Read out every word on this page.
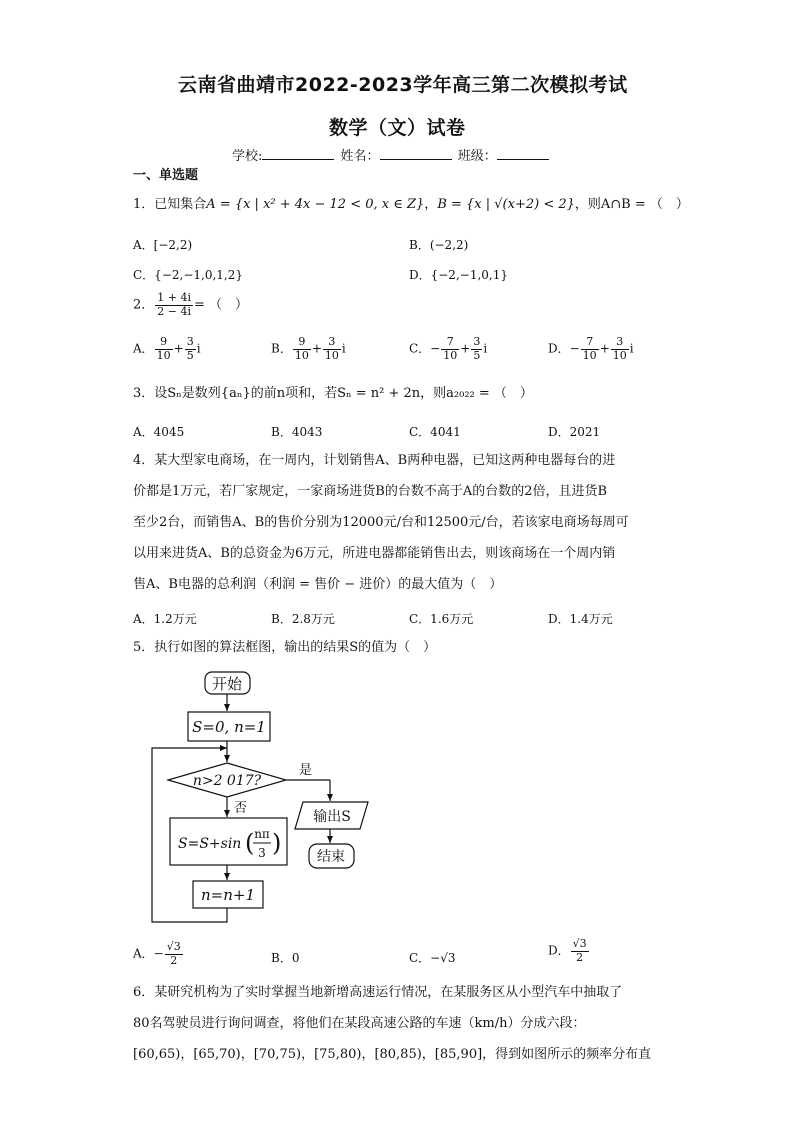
云南省曲靖市2022-2023学年高三第二次模拟考试
数学（文）试卷
学校:	姓名：	班级：
一、单选题
1．已知集合A = {x | x² + 4x − 12 < 0, x ∈ Z}，B = {x | √(x+2) < 2}，则A∩B = （　）
A．[−2,2)	B．(−2,2)
C．{−2,−1,0,1,2}	D．{−2,−1,0,1}
2． $\frac{1 + 4i}{2 - 4i}$ = （　）
A． $\frac{9}{10} + \frac{3}{5}$ i	B． $\frac{9}{10} + \frac{3}{10}$ i	C．− $\frac{7}{10} + \frac{3}{5}$ i	D．− $\frac{7}{10} + \frac{3}{10}$ i
3．设Sₙ是数列{aₙ}的前n项和，若Sₙ = n² + 2n，则a₂₀₂₂ = （　）
A．4045	B．4043	C．4041	D．2021
4．某大型家电商场，在一周内，计划销售A、B两种电器，已知这两种电器每台的进
价都是1万元，若厂家规定，一家商场进货B的台数不高于A的台数的2倍，且进货B
至少2台，而销售A、B的售价分别为12000元/台和12500元/台，若该家电商场每周可
以用来进货A、B的总资金为6万元，所进电器都能销售出去，则该商场在一个周内销
售A、B电器的总利润（利润 = 售价 − 进价）的最大值为（　）
A．1.2万元	B．2.8万元	C．1.6万元	D．1.4万元
5．执行如图的算法框图，输出的结果S的值为（　）
开始
S=0, n=1
n>2 017?
是
否
S=S+sin ( nπ
3 )
n=n+1
输出S
结束
A．− $\frac{√3}{2}$	B．0	C．−√3
D． $\frac{√3}{2}$
6．某研究机构为了实时掌握当地新增高速运行情况，在某服务区从小型汽车中抽取了
80名驾驶员进行询问调查，将他们在某段高速公路的车速（km/h）分成六段：
[60,65)，[65,70)，[70,75)，[75,80)，[80,85)，[85,90]，得到如图所示的频率分布直
